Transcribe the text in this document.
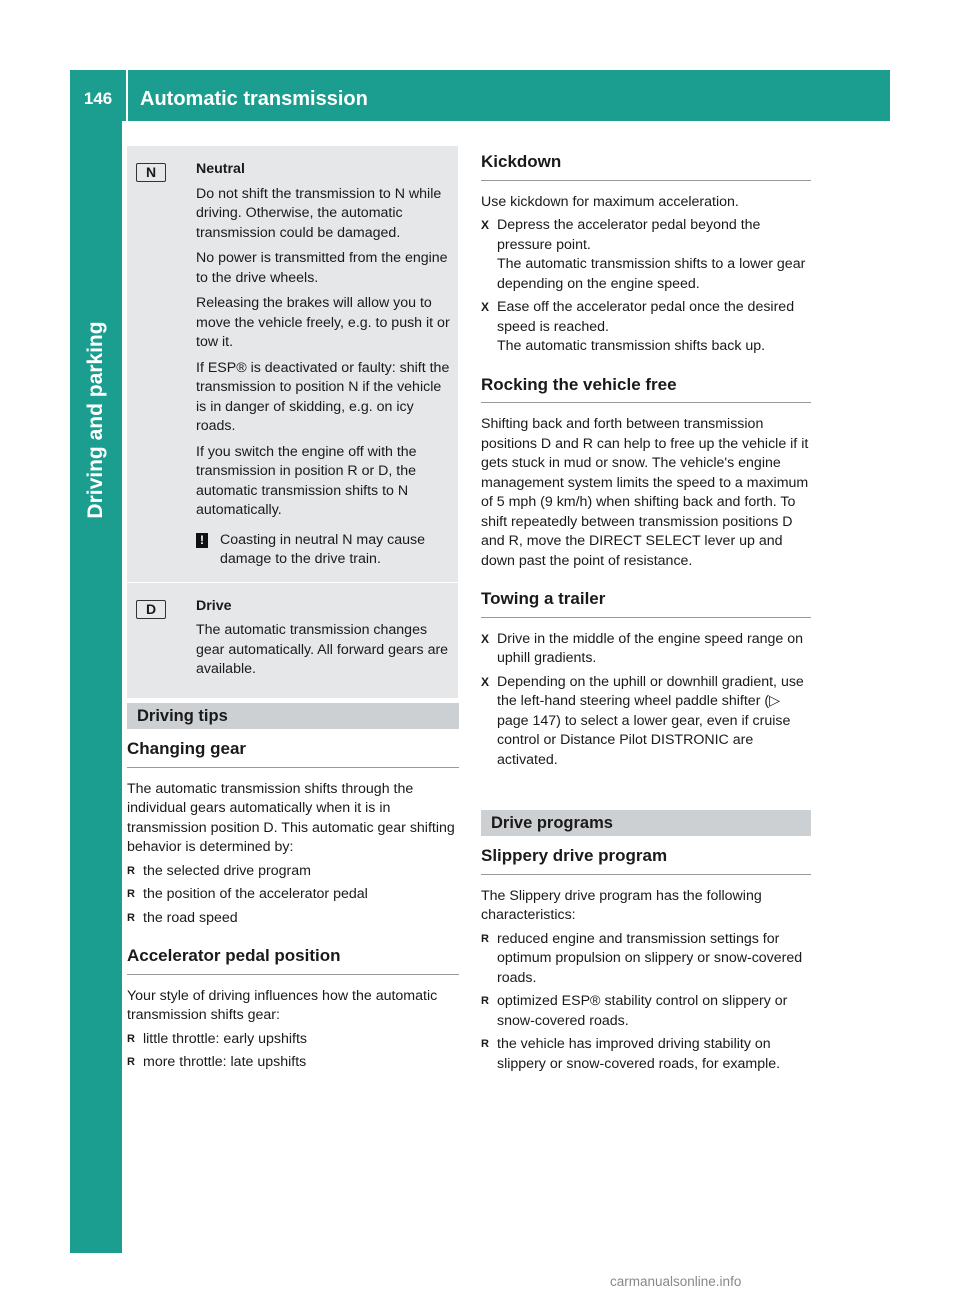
146	Automatic transmission
Driving and parking
N	Neutral

Do not shift the transmission to N while driving. Otherwise, the automatic transmission could be damaged.

No power is transmitted from the engine to the drive wheels.

Releasing the brakes will allow you to move the vehicle freely, e.g. to push it or tow it.

If ESP® is deactivated or faulty: shift the transmission to position N if the vehicle is in danger of skidding, e.g. on icy roads.

If you switch the engine off with the transmission in position R or D, the automatic transmission shifts to N automatically.

! Coasting in neutral N may cause damage to the drive train.
D	Drive

The automatic transmission changes gear automatically. All forward gears are available.

Driving tips
Changing gear

The automatic transmission shifts through the individual gears automatically when it is in transmission position D. This automatic gear shifting behavior is determined by:

R the selected drive program
R the position of the accelerator pedal
R the road speed
Accelerator pedal position

Your style of driving influences how the automatic transmission shifts gear:

R little throttle: early upshifts
R more throttle: late upshifts
Kickdown

Use kickdown for maximum acceleration.

X Depress the accelerator pedal beyond the pressure point.
The automatic transmission shifts to a lower gear depending on the engine speed.
X Ease off the accelerator pedal once the desired speed is reached.
The automatic transmission shifts back up.
Rocking the vehicle free

Shifting back and forth between transmission positions D and R can help to free up the vehicle if it gets stuck in mud or snow. The vehicle's engine management system limits the speed to a maximum of 5 mph (9 km/h) when shifting back and forth. To shift repeatedly between transmission positions D and R, move the DIRECT SELECT lever up and down past the point of resistance.

Towing a trailer
X Drive in the middle of the engine speed range on uphill gradients.
X Depending on the uphill or downhill gradient, use the left-hand steering wheel paddle shifter (▷ page 147) to select a lower gear, even if cruise control or Distance Pilot DISTRONIC are activated.
Drive programs
Slippery drive program

The Slippery drive program has the following characteristics:

R reduced engine and transmission settings for optimum propulsion on slippery or snow-covered roads.
R optimized ESP® stability control on slippery or snow-covered roads.
R the vehicle has improved driving stability on slippery or snow-covered roads, for example.
carmanualsonline.info
